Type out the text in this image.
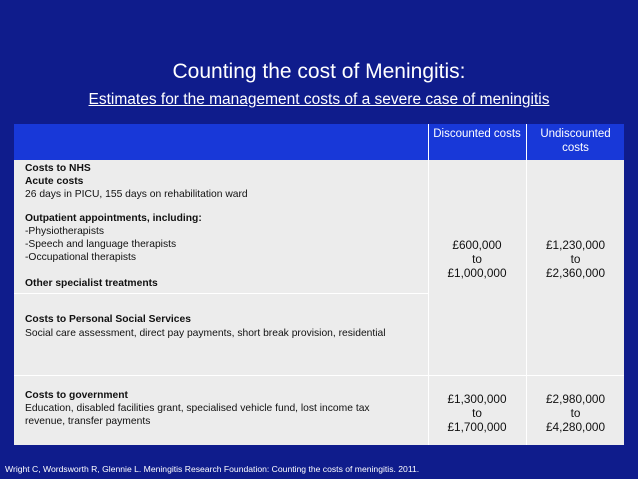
Counting the cost of Meningitis:
Estimates for the management costs of a severe case of meningitis
Discounted costs	Undiscounted costs
Costs to NHS
Acute costs
26 days in PICU, 155 days on rehabilitation ward
Outpatient appointments, including:
-Physiotherapists
-Speech and language therapists
-Occupational therapists
Other specialist treatments
Costs to Personal Social Services
Social care assessment, direct pay payments, short break provision, residential
Costs to government
Education, disabled facilities grant, specialised vehicle fund, lost income tax
revenue, transfer payments
£600,000
to
£1,000,000
£1,230,000
to
£2,360,000
£1,300,000
to
£1,700,000
£2,980,000
to
£4,280,000
Wright C, Wordsworth R, Glennie L. Meningitis Research Foundation: Counting the costs of meningitis. 2011.
